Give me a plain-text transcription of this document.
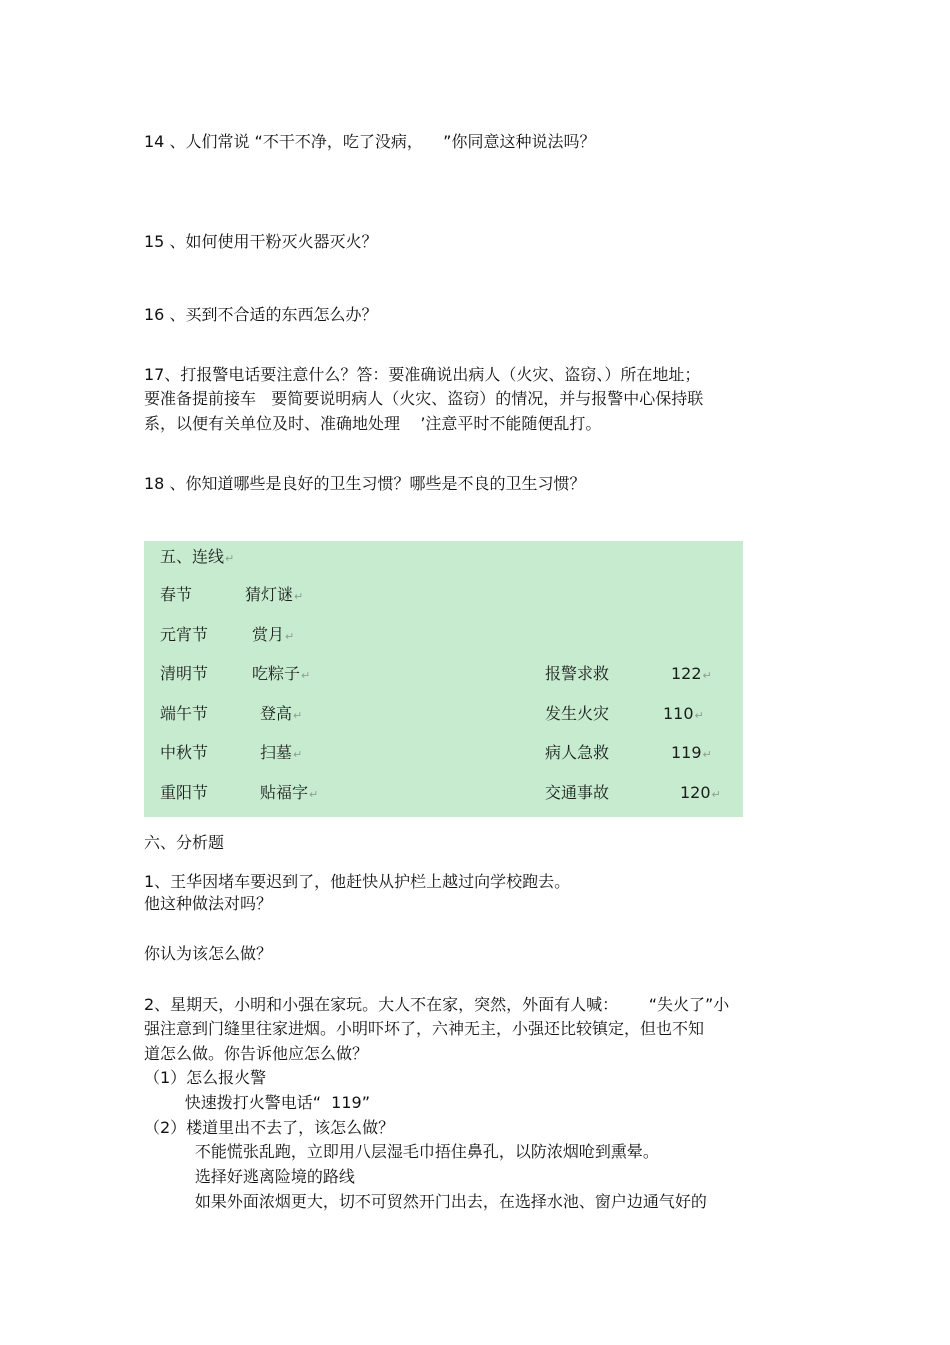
14 、人们常说 “不干不净，吃了没病，    ”你同意这种说法吗？
15 、如何使用干粉灭火器灭火？
16 、买到不合适的东西怎么办？
17、打报警电话要注意什么？答：要准确说出病人（火灾、盗窃、）所在地址；
要准备提前接车   要简要说明病人（火灾、盗窃）的情况，并与报警中心保持联
系，以便有关单位及时、准确地处理    ’注意平时不能随便乱打。
18 、你知道哪些是良好的卫生习惯？哪些是不良的卫生习惯？
五、连线↵
春节	猜灯谜↵
元宵节	赏月↵
清明节	吃粽子↵
端午节	登高↵
中秋节	扫墓↵
重阳节	贴福字↵
报警求救	122↵
发生火灾	110↵
病人急救	119↵
交通事故	120↵
六、分析题
1、王华因堵车要迟到了，他赶快从护栏上越过向学校跑去。
他这种做法对吗？
你认为该怎么做？
2、星期天，小明和小强在家玩。大人不在家，突然，外面有人喊：      “失火了”小
强注意到门缝里往家进烟。小明吓坏了，六神无主，小强还比较镇定，但也不知
道怎么做。你告诉他应怎么做？
（1）怎么报火警
快速拨打火警电话“  119”
（2）楼道里出不去了，该怎么做？
不能慌张乱跑，立即用八层湿毛巾捂住鼻孔，以防浓烟呛到熏晕。
选择好逃离险境的路线
如果外面浓烟更大，切不可贸然开门出去，在选择水池、窗户边通气好的
